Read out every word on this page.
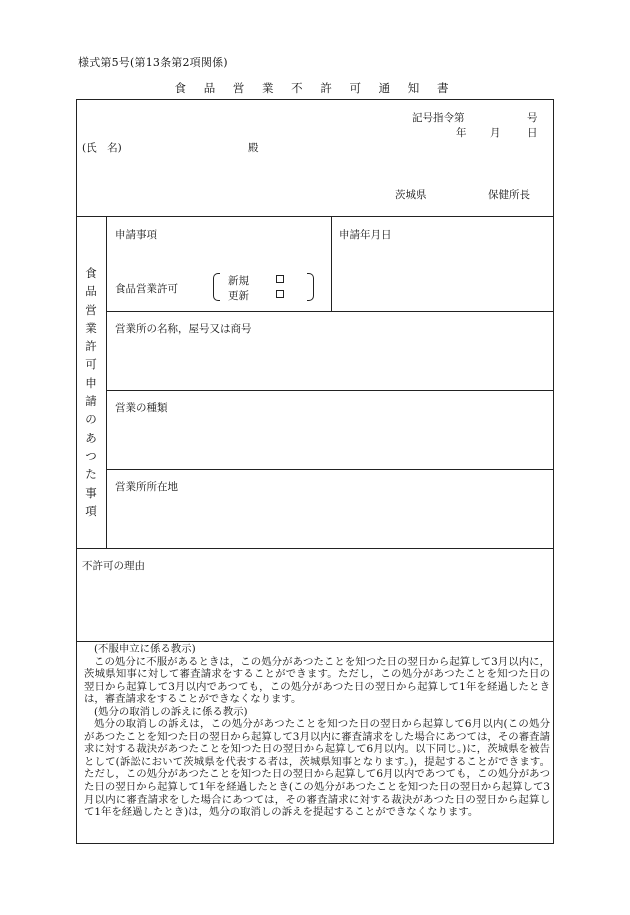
様式第5号(第13条第2項関係)
食 品 営 業 不 許 可 通 知 書
記号指令第	号
年 月	日
(氏　名)	殿
茨城県	保健所長
食
品
営
業
許
可
申
請
の
あ
つ
た
事
項
申請事項	申請年月日
食品営業許可
新規
更新
営業所の名称，屋号又は商号
営業の種類
営業所所在地
不許可の理由

(不服申立に係る教示)

この処分に不服があるときは，この処分があつたことを知つた日の翌日から起算して3月以内に，茨城県知事に対して審査請求をすることができます。ただし，この処分があつたことを知つた日の翌日から起算して3月以内であつても，この処分があつた日の翌日から起算して1年を経過したときは，審査請求をすることができなくなります。

(処分の取消しの訴えに係る教示)

処分の取消しの訴えは，この処分があつたことを知つた日の翌日から起算して6月以内(この処分があつたことを知つた日の翌日から起算して3月以内に審査請求をした場合にあつては，その審査請求に対する裁決があつたことを知つた日の翌日から起算して6月以内。以下同じ。)に，茨城県を被告として(訴訟において茨城県を代表する者は，茨城県知事となります。)，提起することができます。ただし，この処分があつたことを知つた日の翌日から起算して6月以内であつても，この処分があつた日の翌日から起算して1年を経過したとき(この処分があつたことを知つた日の翌日から起算して3月以内に審査請求をした場合にあつては，その審査請求に対する裁決があつた日の翌日から起算して1年を経過したとき)は，処分の取消しの訴えを提起することができなくなります。
